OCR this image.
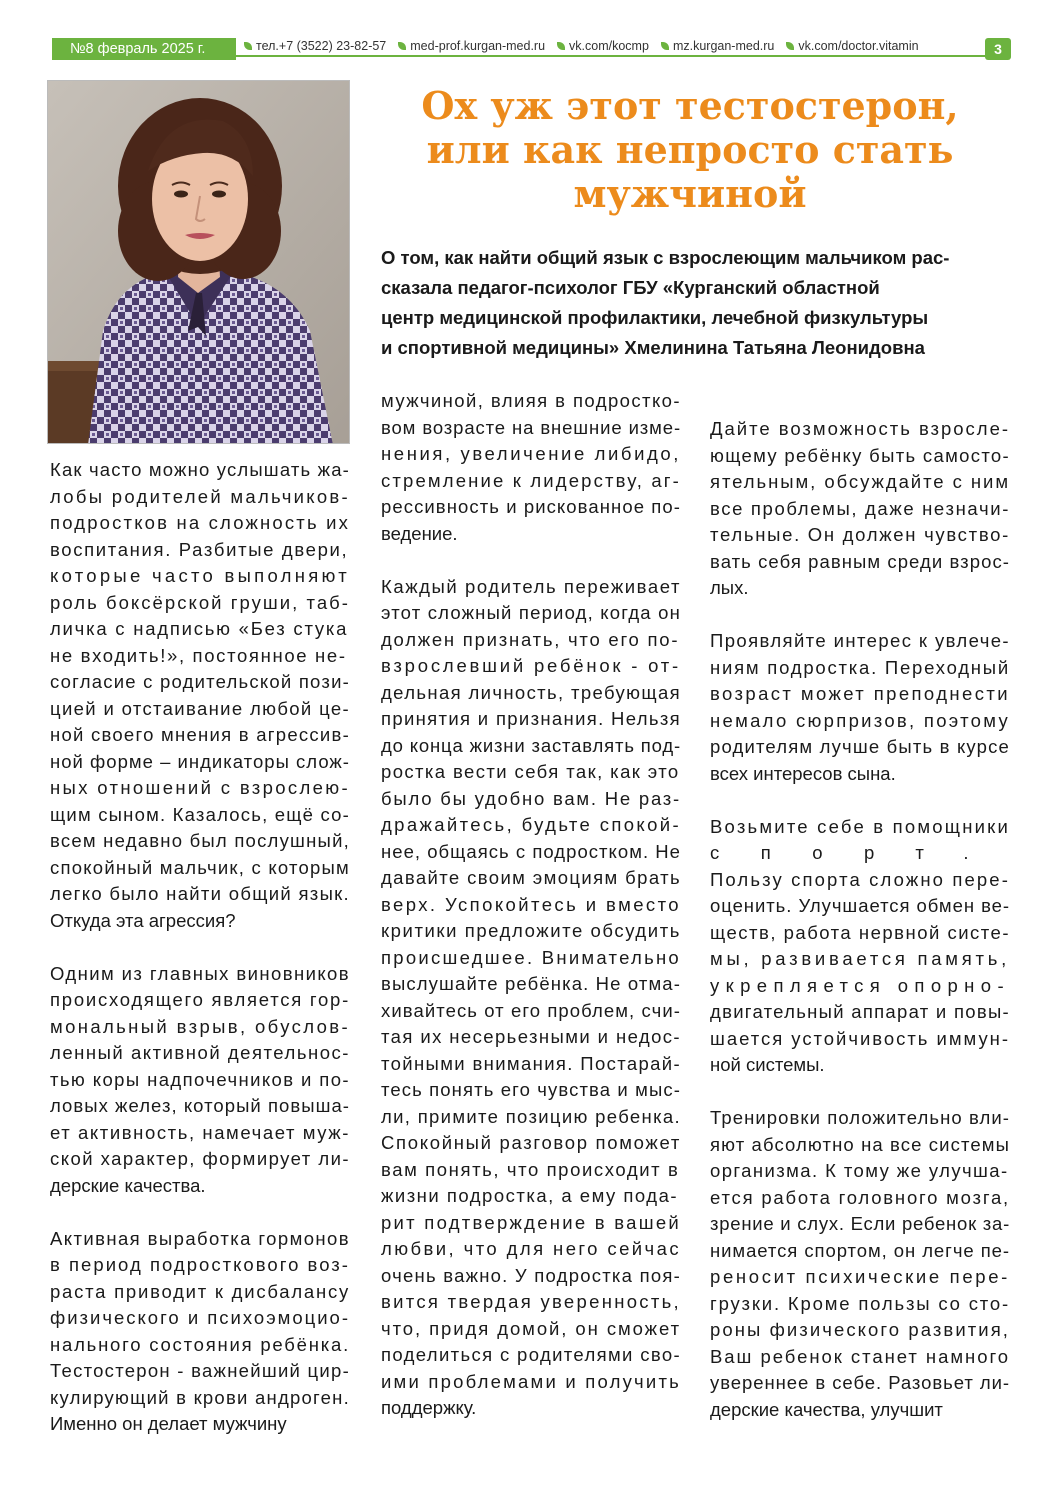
№8 февраль 2025 г.	тел.+7 (3522) 23-82-57 med-prof.kurgan-med.ru vk.com/kocmp mz.kurgan-med.ru vk.com/doctor.vitamin	3
Ох уж этот тестостерон,
или как непросто стать
мужчиной
О том, как найти общий язык с взрослеющим мальчиком рас-
сказала педагог-психолог ГБУ «Курганский областной
центр медицинской профилактики, лечебной физкультуры
и спортивной медицины» Хмелинина Татьяна Леонидовна
Как часто можно услышать жа-
лобы родителей мальчиков-
подростков на сложность их
воспитания. Разбитые двери,
которые часто выполняют
роль боксёрской груши, таб-
личка с надписью «Без стука
не входить!», постоянное не-
согласие с родительской пози-
цией и отстаивание любой це-
ной своего мнения в агрессив-
ной форме – индикаторы слож-
ных отношений с взрослею-
щим сыном. Казалось, ещё со-
всем недавно был послушный,
спокойный мальчик, с которым
легко было найти общий язык.
Откуда эта агрессия?
Одним из главных виновников
происходящего является гор-
мональный взрыв, обуслов-
ленный активной деятельнос-
тью коры надпочечников и по-
ловых желез, который повыша-
ет активность, намечает муж-
ской характер, формирует ли-
дерские качества.
Активная выработка гормонов
в период подросткового воз-
раста приводит к дисбалансу
физического и психоэмоцио-
нального состояния ребёнка.
Тестостерон - важнейший цир-
кулирующий в крови андроген.
Именно он делает мужчину
мужчиной, влияя в подростко-
вом возрасте на внешние изме-
нения, увеличение либидо,
стремление к лидерству, аг-
рессивность и рискованное по-
ведение.
Каждый родитель переживает
этот сложный период, когда он
должен признать, что его по-
взрослевший ребёнок - от-
дельная личность, требующая
принятия и признания. Нельзя
до конца жизни заставлять под-
ростка вести себя так, как это
было бы удобно вам. Не раз-
дражайтесь, будьте спокой-
нее, общаясь с подростком. Не
давайте своим эмоциям брать
верх. Успокойтесь и вместо
критики предложите обсудить
происшедшее. Внимательно
выслушайте ребёнка. Не отма-
хивайтесь от его проблем, счи-
тая их несерьезными и недос-
тойными внимания. Постарай-
тесь понять его чувства и мыс-
ли, примите позицию ребенка.
Спокойный разговор поможет
вам понять, что происходит в
жизни подростка, а ему пода-
рит подтверждение в вашей
любви, что для него сейчас
очень важно. У подростка поя-
вится твердая уверенность,
что, придя домой, он сможет
поделиться с родителями сво-
ими проблемами и получить
поддержку.
Дайте возможность взросле-
ющему ребёнку быть самосто-
ятельным, обсуждайте с ним
все проблемы, даже незначи-
тельные. Он должен чувство-
вать себя равным среди взрос-
лых.
Проявляйте интерес к увлече-
ниям подростка. Переходный
возраст может преподнести
немало сюрпризов, поэтому
родителям лучше быть в курсе
всех интересов сына.
Возьмите себе в помощники
спорт.
Пользу спорта сложно пере-
оценить. Улучшается обмен ве-
ществ, работа нервной систе-
мы, развивается память,
укрепляется опорно-
двигательный аппарат и повы-
шается устойчивость иммун-
ной системы.
Тренировки положительно вли-
яют абсолютно на все системы
организма. К тому же улучша-
ется работа головного мозга,
зрение и слух. Если ребенок за-
нимается спортом, он легче пе-
реносит психические пере-
грузки. Кроме пользы со сто-
роны физического развития,
Ваш ребенок станет намного
увереннее в себе. Разовьет ли-
дерские качества, улучшит
